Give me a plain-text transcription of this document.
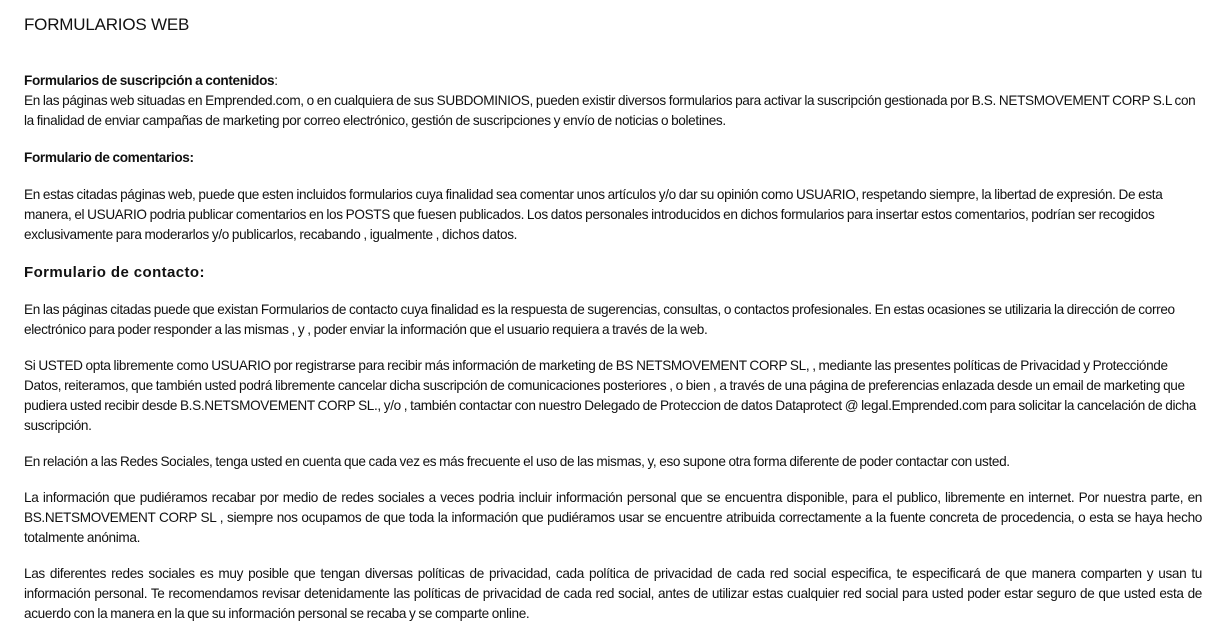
FORMULARIOS WEB

Formularios de suscripción a contenidos:

En las páginas web situadas en Emprended.com, o en cualquiera de sus SUBDOMINIOS, pueden existir diversos formularios para activar la suscripción gestionada por B.S. NETSMOVEMENT CORP S.L con la finalidad de enviar campañas de marketing por correo electrónico, gestión de suscripciones y envío de noticias o boletines.

Formulario de comentarios:

En estas citadas páginas web, puede que esten incluidos formularios cuya finalidad sea comentar unos artículos y/o dar su opinión como USUARIO, respetando siempre, la libertad de expresión. De esta manera, el USUARIO podria publicar comentarios en los POSTS que fuesen publicados. Los datos personales introducidos en dichos formularios para insertar estos comentarios, podrían ser recogidos exclusivamente para moderarlos y/o publicarlos, recabando , igualmente , dichos datos.

Formulario de contacto:

En las páginas citadas puede que existan Formularios de contacto cuya finalidad es la respuesta de sugerencias, consultas, o contactos profesionales. En estas ocasiones se utilizaria la dirección de correo electrónico para poder responder a las mismas , y , poder enviar la información que el usuario requiera a través de la web.

Si USTED opta libremente como USUARIO por registrarse para recibir más información de marketing de BS NETSMOVEMENT CORP SL, , mediante las presentes políticas de Privacidad y Protecciónde Datos, reiteramos, que también usted podrá libremente cancelar dicha suscripción de comunicaciones posteriores , o bien , a través de una página de preferencias enlazada desde un email de marketing que pudiera usted recibir desde B.S.NETSMOVEMENT CORP SL., y/o , también contactar con nuestro Delegado de Proteccion de datos Dataprotect @ legal.Emprended.com para solicitar la cancelación de dicha suscripción.

En relación a las Redes Sociales, tenga usted en cuenta que cada vez es más frecuente el uso de las mismas, y, eso supone otra forma diferente de poder contactar con usted.

La información que pudiéramos recabar por medio de redes sociales a veces podria incluir información personal que se encuentra disponible, para el publico, libremente en internet. Por nuestra parte, en BS.NETSMOVEMENT CORP SL , siempre nos ocupamos de que toda la información que pudiéramos usar se encuentre atribuida correctamente a la fuente concreta de procedencia, o esta se haya hecho totalmente anónima.

Las diferentes redes sociales es muy posible que tengan diversas políticas de privacidad, cada política de privacidad de cada red social especifica, te especificará de que manera comparten y usan tu información personal. Te recomendamos revisar detenidamente las políticas de privacidad de cada red social, antes de utilizar estas cualquier red social para usted poder estar seguro de que usted esta de acuerdo con la manera en la que su información personal se recaba y se comparte online.
